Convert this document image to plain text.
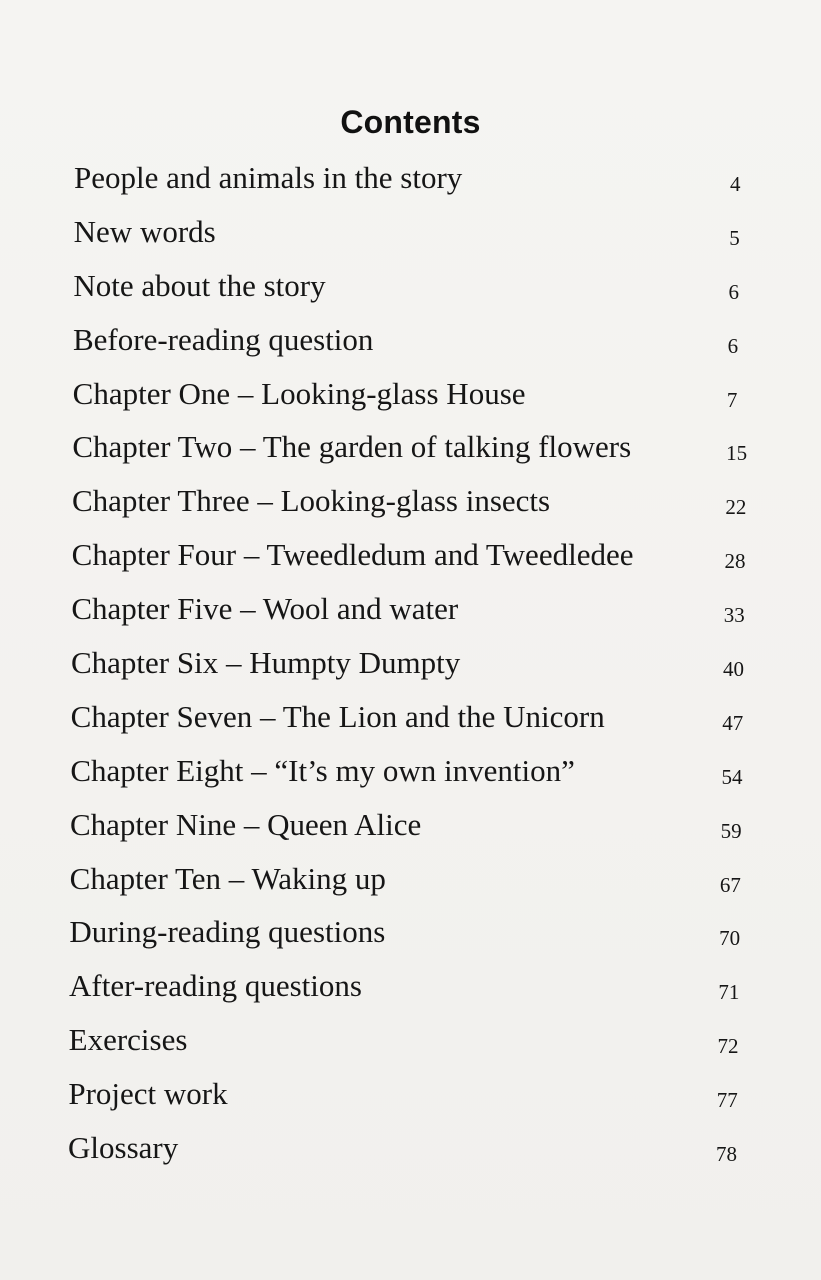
Contents
People and animals in the story	4
New words	5
Note about the story	6
Before-reading question	6
Chapter One – Looking-glass House	7
Chapter Two – The garden of talking flowers	15
Chapter Three – Looking-glass insects	22
Chapter Four – Tweedledum and Tweedledee	28
Chapter Five – Wool and water	33
Chapter Six – Humpty Dumpty	40
Chapter Seven – The Lion and the Unicorn	47
Chapter Eight – “It’s my own invention”	54
Chapter Nine – Queen Alice	59
Chapter Ten – Waking up	67
During-reading questions	70
After-reading questions	71
Exercises	72
Project work	77
Glossary	78
